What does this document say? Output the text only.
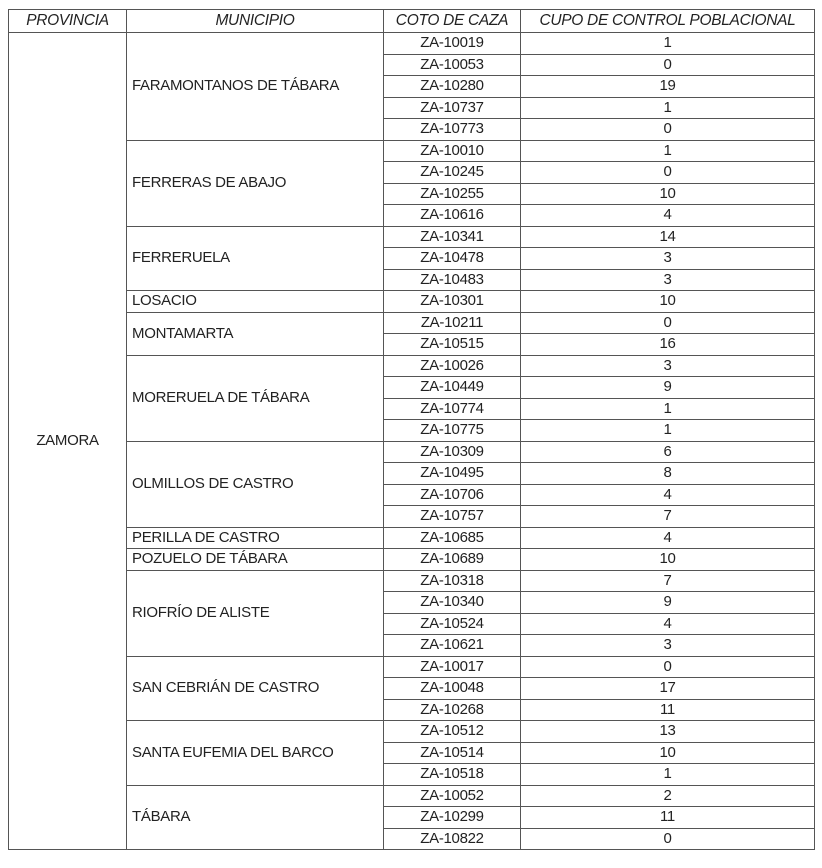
PROVINCIA	MUNICIPIO	COTO DE CAZA	CUPO DE CONTROL POBLACIONAL
ZAMORA	FARAMONTANOS DE TÁBARA	ZA-10019	1
		ZA-10053	0
		ZA-10280	19
		ZA-10737	1
		ZA-10773	0
	FERRERAS DE ABAJO	ZA-10010	1
		ZA-10245	0
		ZA-10255	10
		ZA-10616	4
	FERRERUELA	ZA-10341	14
		ZA-10478	3
		ZA-10483	3
	LOSACIO	ZA-10301	10
	MONTAMARTA	ZA-10211	0
		ZA-10515	16
	MORERUELA DE TÁBARA	ZA-10026	3
		ZA-10449	9
		ZA-10774	1
		ZA-10775	1
	OLMILLOS DE CASTRO	ZA-10309	6
		ZA-10495	8
		ZA-10706	4
		ZA-10757	7
	PERILLA DE CASTRO	ZA-10685	4
	POZUELO DE TÁBARA	ZA-10689	10
	RIOFRÍO DE ALISTE	ZA-10318	7
		ZA-10340	9
		ZA-10524	4
		ZA-10621	3
	SAN CEBRIÁN DE CASTRO	ZA-10017	0
		ZA-10048	17
		ZA-10268	11
	SANTA EUFEMIA DEL BARCO	ZA-10512	13
		ZA-10514	10
		ZA-10518	1
	TÁBARA	ZA-10052	2
		ZA-10299	11
		ZA-10822	0
